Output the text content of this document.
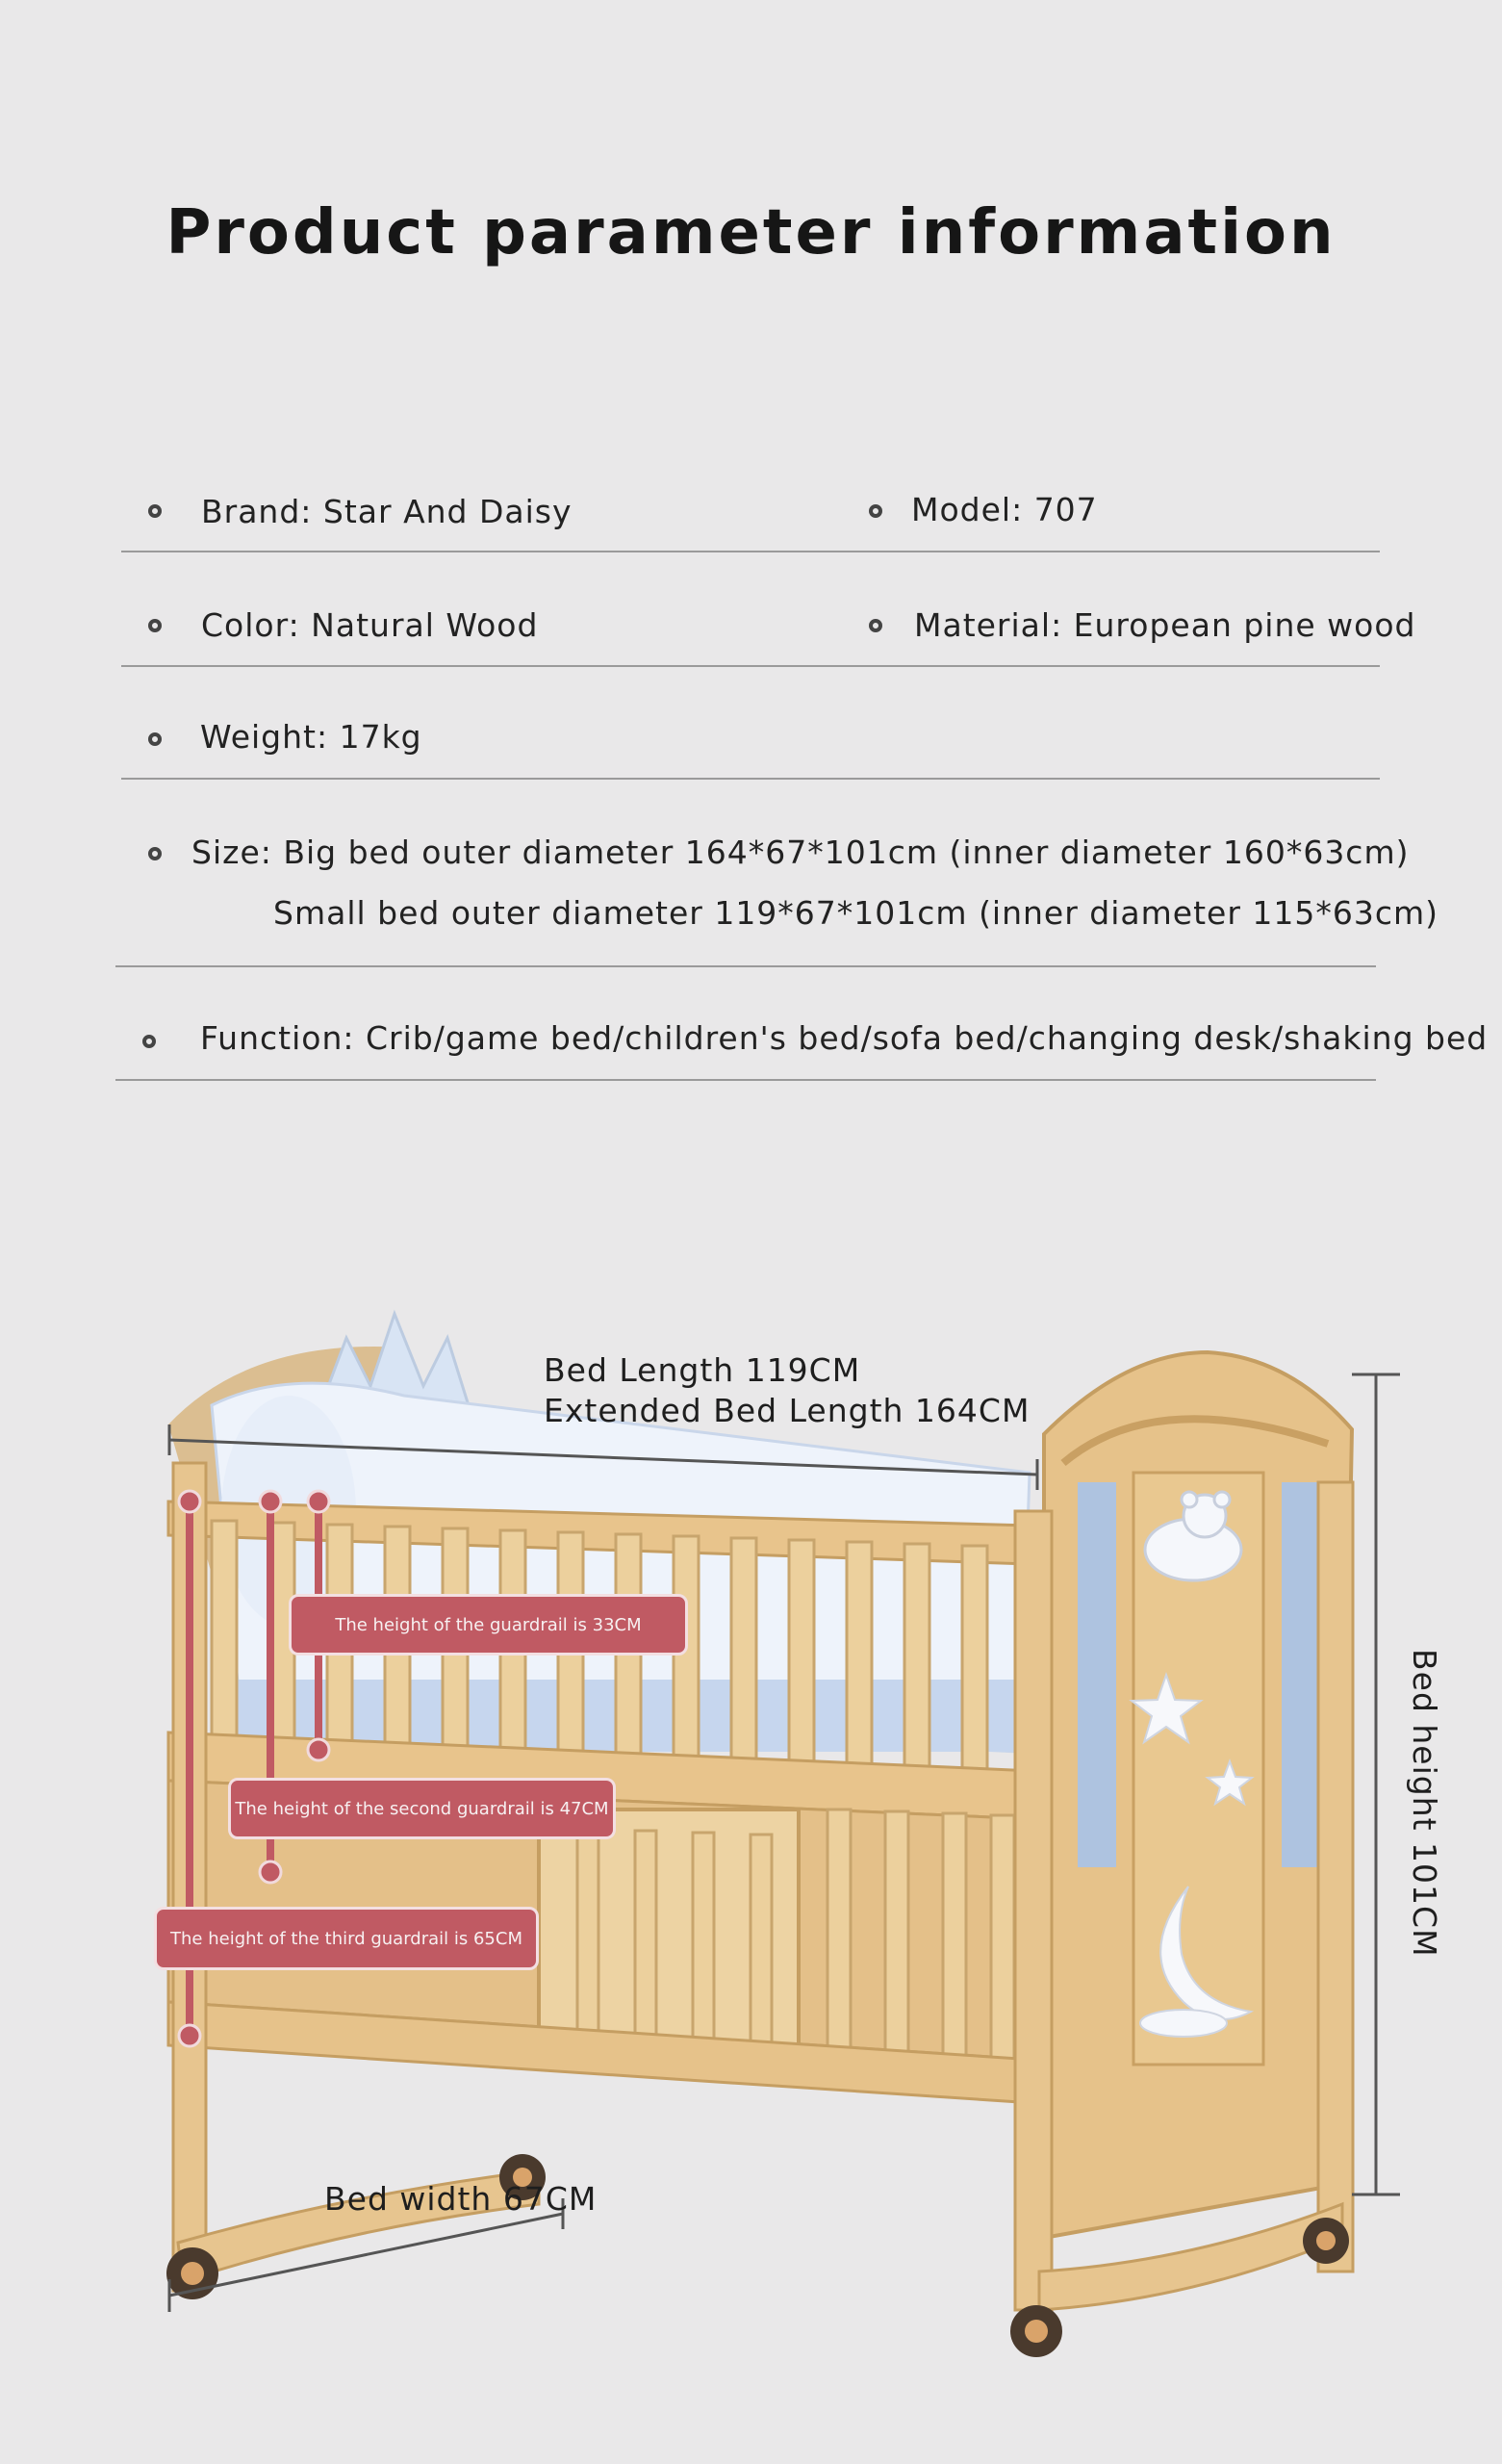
Product parameter information
Brand: Star And Daisy	Model: 707
Color: Natural Wood	Material: European pine wood
Weight: 17kg
Size: Big bed outer diameter 164*67*101cm (inner diameter 160*63cm)
Small bed outer diameter 119*67*101cm (inner diameter 115*63cm)
Function: Crib/game bed/children's bed/sofa bed/changing desk/shaking bed
Bed Length 119CM
Extended Bed Length 164CM
Bed height 101CM
Bed width 67CM
The height of the guardrail is 33CM
The height of the second guardrail is 47CM
The height of the third guardrail is 65CM
